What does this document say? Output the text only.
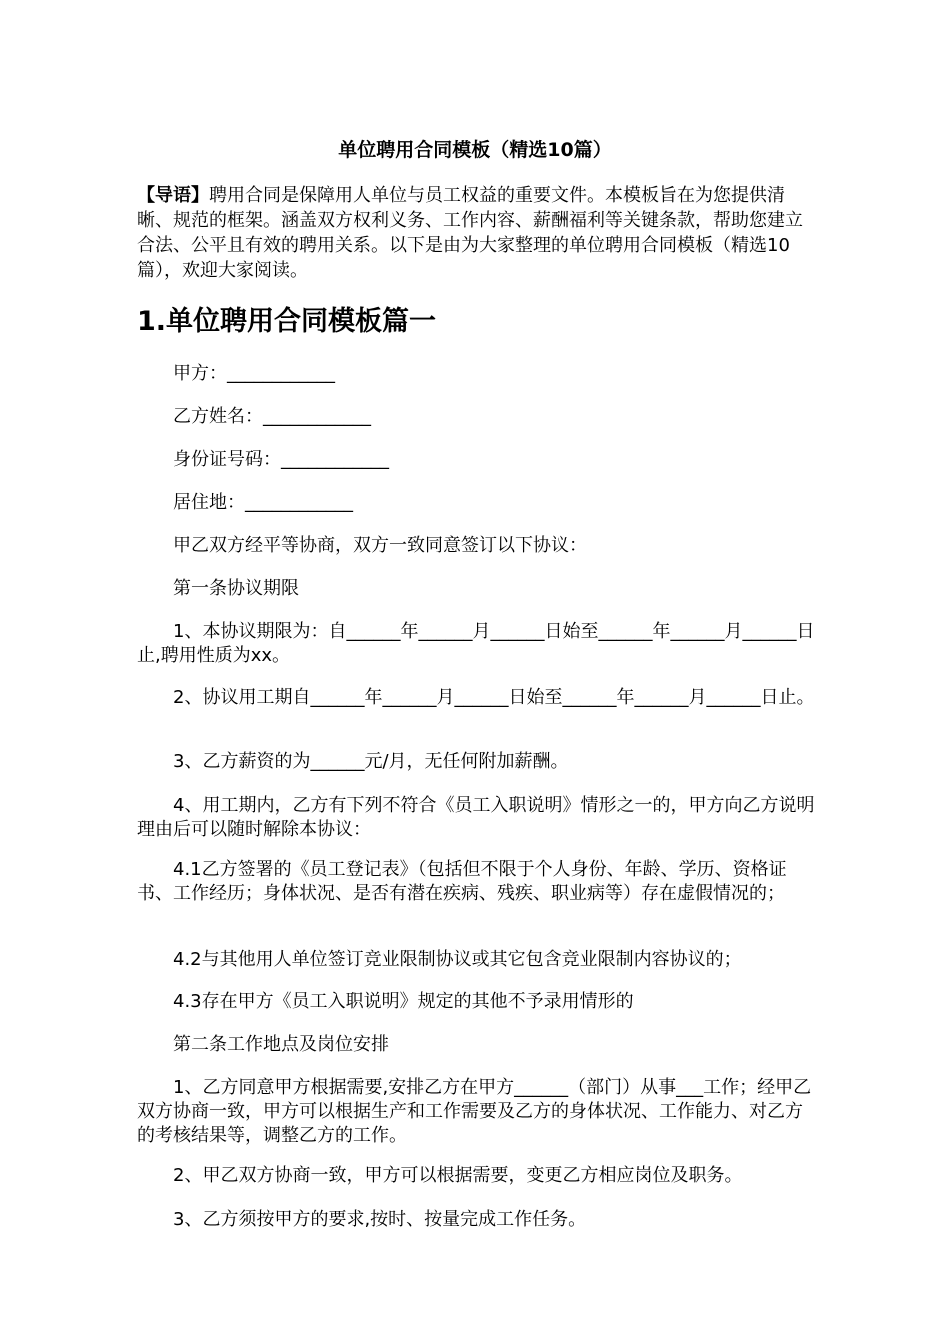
单位聘用合同模板（精选10篇）

【导语】聘用合同是保障用人单位与员工权益的重要文件。本模板旨在为您提供清晰、规范的框架。涵盖双方权利义务、工作内容、薪酬福利等关键条款，帮助您建立合法、公平且有效的聘用关系。以下是由为大家整理的单位聘用合同模板（精选10篇），欢迎大家阅读。

1.单位聘用合同模板篇一

甲方：____________

乙方姓名：____________

身份证号码：____________

居住地：____________

甲乙双方经平等协商，双方一致同意签订以下协议：

第一条协议期限

1、本协议期限为：自______年______月______日始至______年______月______日止,聘用性质为xx。

2、协议用工期自______年______月______日始至______年______月______日止。

3、乙方薪资的为______元/月，无任何附加薪酬。

4、用工期内，乙方有下列不符合《员工入职说明》情形之一的，甲方向乙方说明理由后可以随时解除本协议：

4.1乙方签署的《员工登记表》（包括但不限于个人身份、年龄、学历、资格证书、工作经历；身体状况、是否有潜在疾病、残疾、职业病等）存在虚假情况的；

4.2与其他用人单位签订竞业限制协议或其它包含竞业限制内容协议的；

4.3存在甲方《员工入职说明》规定的其他不予录用情形的

第二条工作地点及岗位安排

1、乙方同意甲方根据需要,安排乙方在甲方______（部门）从事___工作；经甲乙双方协商一致，甲方可以根据生产和工作需要及乙方的身体状况、工作能力、对乙方的考核结果等，调整乙方的工作。

2、甲乙双方协商一致，甲方可以根据需要，变更乙方相应岗位及职务。

3、乙方须按甲方的要求,按时、按量完成工作任务。
